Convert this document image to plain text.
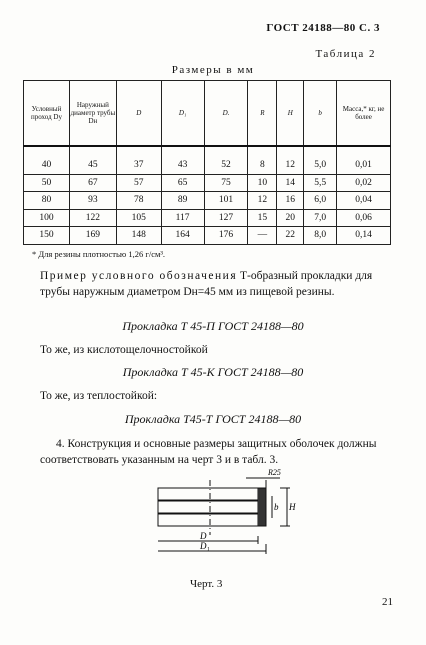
ГОСТ 24188—80 С. 3
Таблица 2
Размеры в мм
Условный проход Dу	Наружный диаметр трубы Dн	D	D₁	D.	R	H	b	Масса,* кг, не более

40	45	37	43	52	8	12	5,0	0,01
50	67	57	65	75	10	14	5,5	0,02
80	93	78	89	101	12	16	6,0	0,04
100	122	105	117	127	15	20	7,0	0,06
150	169	148	164	176	—	22	8,0	0,14
* Для резины плотностью 1,26 г/см³.
Пример условного обозначения Т-образный прокладки для трубы наружным диаметром Dн=45 мм из пищевой резины.
Прокладка Т 45-П ГОСТ 24188—80
То же, из кислотощелочностойкой
Прокладка Т 45-К ГОСТ 24188—80
То же, из теплостойкой:
Прокладка Т45-Т ГОСТ 24188—80
4. Конструкция и основные размеры защитных оболочек должны соответствовать указанным на черт 3 и в табл. 3.
R25
H
b
D
D₁
Черт. 3
21
